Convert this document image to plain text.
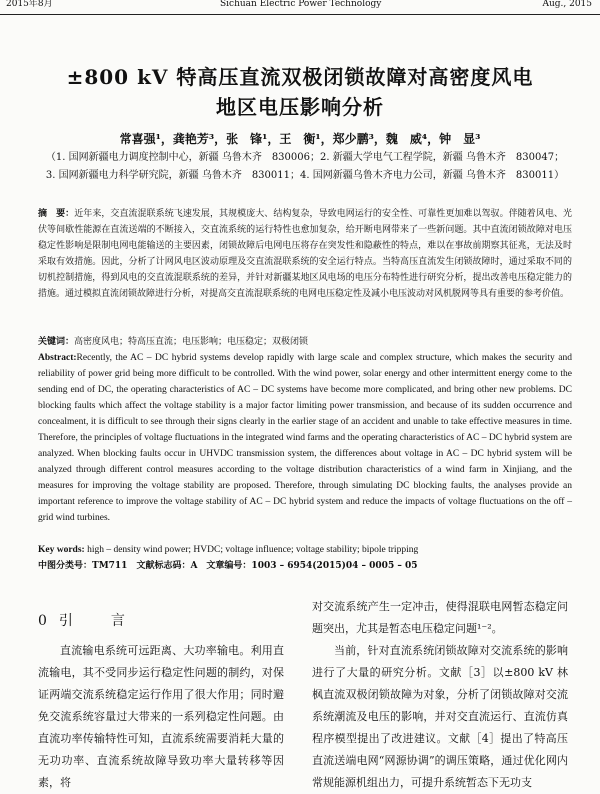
2015年8月	Sichuan Electric Power Technology	Aug., 2015
±800 kV 特高压直流双极闭锁故障对高密度风电
地区电压影响分析
常喜强¹，龚艳芳³，张　锋¹，王　衡¹，郑少鹏³，魏　威⁴，钟　显³
（1. 国网新疆电力调度控制中心，新疆 乌鲁木齐　830006；2. 新疆大学电气工程学院，新疆 乌鲁木齐　830047；
3. 国网新疆电力科学研究院，新疆 乌鲁木齐　830011；4. 国网新疆乌鲁木齐电力公司，新疆 乌鲁木齐　830011）
摘　要：近年来，交直流混联系统飞速发展，其规模庞大、结构复杂，导致电网运行的安全性、可靠性更加难以驾驭。伴随着风电、光伏等间歇性能源在直流送端的不断接入，交直流系统的运行特性也愈加复杂，给开断电网带来了一些新问题。其中直流闭锁故障对电压稳定性影响是限制电网电能输送的主要因素，闭锁故障后电网电压将存在突发性和隐蔽性的特点，难以在事故前期察其征兆，无法及时采取有效措施。因此，分析了计网风电区波动原理及交直流混联系统的安全运行特点。当特高压直流发生闭锁故障时，通过采取不同的切机控制措施，得到风电的交直流混联系统的差异，并针对新疆某地区风电场的电压分布特性进行研究分析，提出改善电压稳定能力的措施。通过模拟直流闭锁故障进行分析，对提高交直流混联系统的电网电压稳定性及减小电压波动对风机脱网等具有重要的参考价值。
关键词：高密度风电；特高压直流；电压影响；电压稳定；双极闭锁
Abstract:Recently, the AC – DC hybrid systems develop rapidly with large scale and complex structure, which makes the security and reliability of power grid being more difficult to be controlled. With the wind power, solar energy and other intermittent energy come to the sending end of DC, the operating characteristics of AC – DC systems have become more complicated, and bring other new problems. DC blocking faults which affect the voltage stability is a major factor limiting power transmission, and because of its sudden occurrence and concealment, it is difficult to see through their signs clearly in the earlier stage of an accident and unable to take effective measures in time. Therefore, the principles of voltage fluctuations in the integrated wind farms and the operating characteristics of AC – DC hybrid system are analyzed. When blocking faults occur in UHVDC transmission system, the differences about voltage in AC – DC hybrid system will be analyzed through different control measures according to the voltage distribution characteristics of a wind farm in Xinjiang, and the measures for improving the voltage stability are proposed. Therefore, through simulating DC blocking faults, the analyses provide an important reference to improve the voltage stability of AC – DC hybrid system and reduce the impacts of voltage fluctuations on the off – grid wind turbines.
Key words: high – density wind power; HVDC; voltage influence; voltage stability; bipole tripping
中图分类号：TM711　文献标志码：A　文章编号：1003 – 6954(2015)04 – 0005 – 05
0引　言

直流输电系统可远距离、大功率输电。利用直流输电，其不受同步运行稳定性问题的制约，对保证两端交流系统稳定运行作用了很大作用；同时避免交流系统容量过大带来的一系列稳定性问题。由直流功率传输特性可知，直流系统需要消耗大量的无功功率、直流系统故障导致功率大量转移等因素，将

对交流系统产生一定冲击，使得混联电网暂态稳定问题突出，尤其是暂态电压稳定问题¹⁻²。

当前，针对直流系统闭锁故障对交流系统的影响进行了大量的研究分析。文献［3］以±800 kV 林枫直流双极闭锁故障为对象，分析了闭锁故障对交流系统潮流及电压的影响，并对交直流运行、直流仿真程序模型提出了改进建议。文献［4］提出了特高压直流送端电网“网源协调”的调压策略，通过优化网内常规能源机组出力，可提升系统暂态下无功支
